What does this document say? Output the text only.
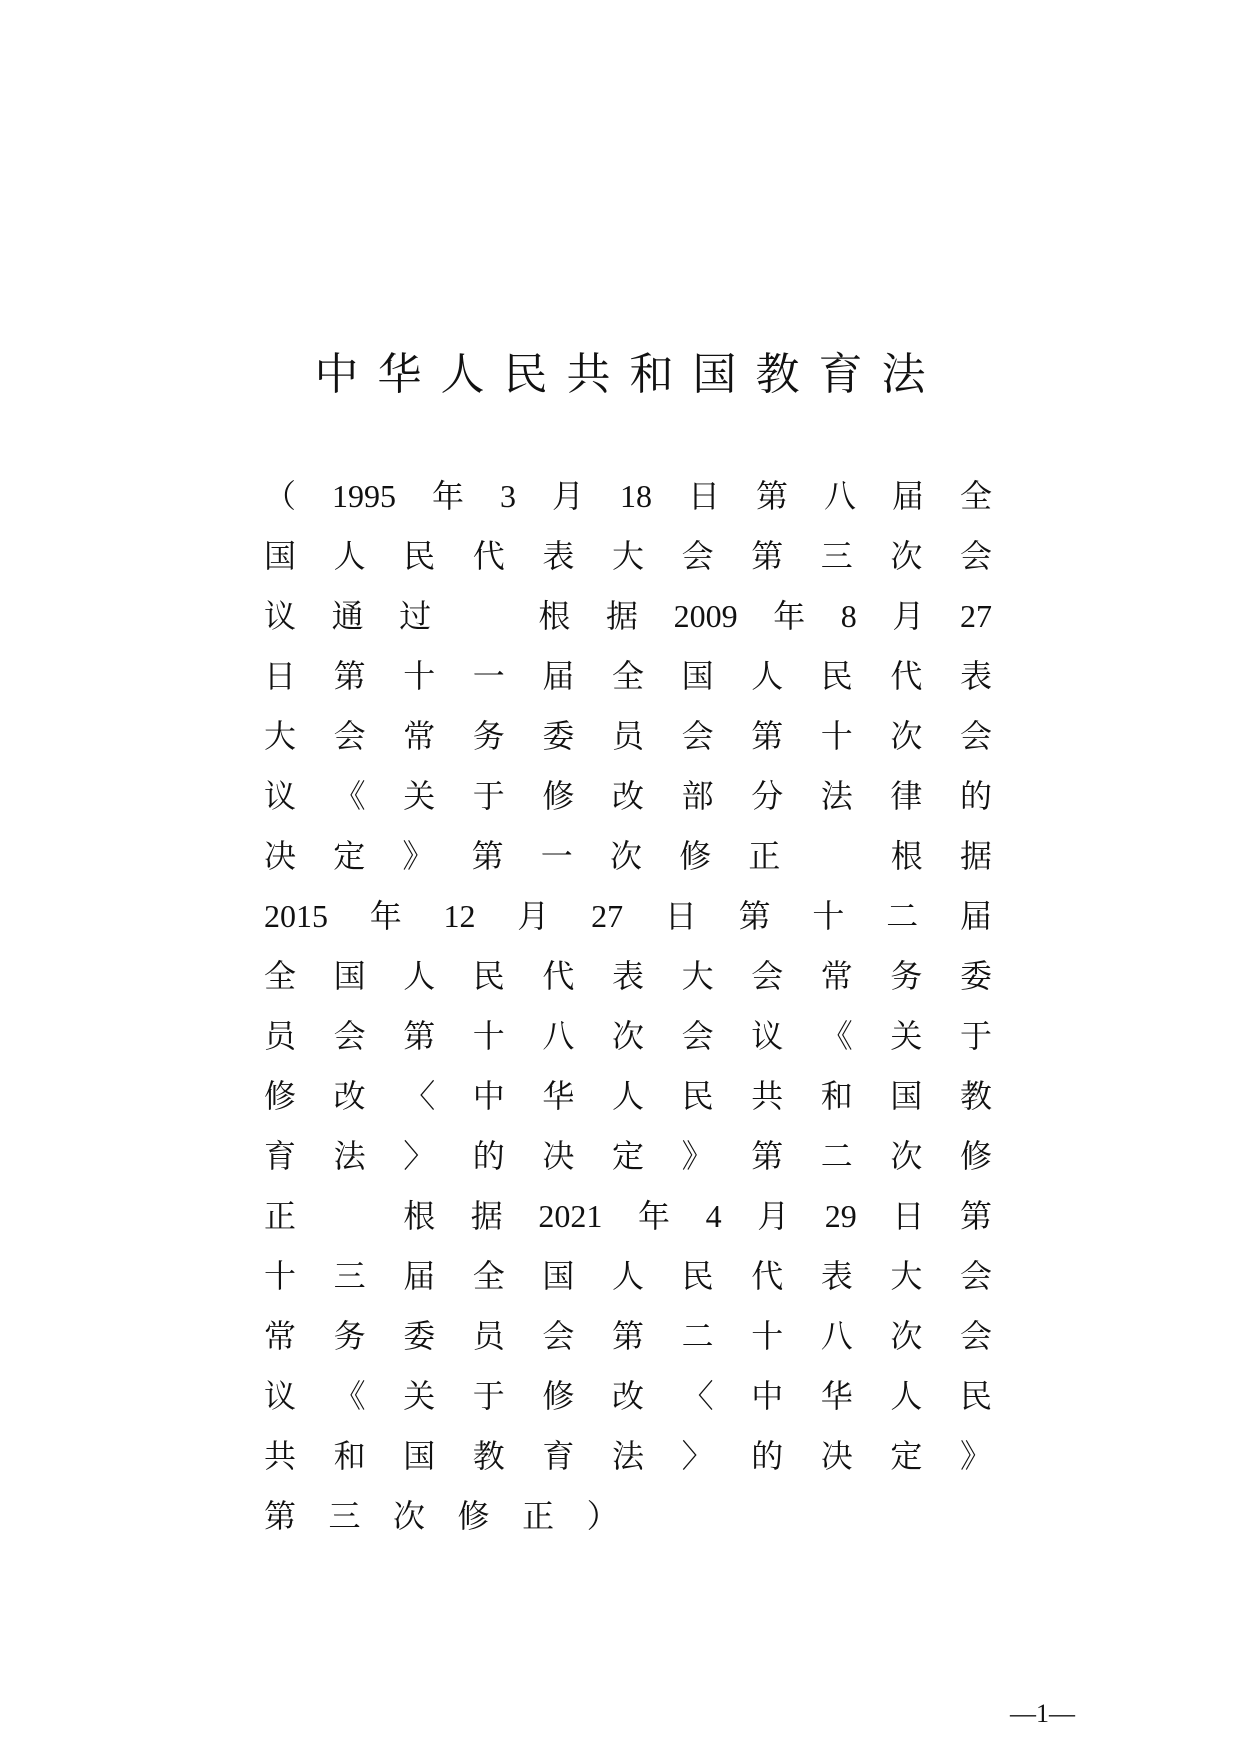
中华人民共和国教育法
（ 1995 年 3 月 18 日 第 八 届 全
国 人 民 代 表 大 会 第 三 次 会
议 通 过	根 据 2009 年 8 月 27
日 第 十 一 届 全 国 人 民 代 表
大 会 常 务 委 员 会 第 十 次 会
议 《 关 于 修 改 部 分 法 律 的
决 定 》 第 一 次 修 正	根 据
2015 年 12 月 27 日 第 十 二 届
全 国 人 民 代 表 大 会 常 务 委
员 会 第 十 八 次 会 议 《 关 于
修 改 〈 中 华 人 民 共 和 国 教
育 法 〉 的 决 定 》 第 二 次 修
正	根 据 2021 年 4 月 29 日 第
十 三 届 全 国 人 民 代 表 大 会
常 务 委 员 会 第 二 十 八 次 会
议 《 关 于 修 改 〈 中 华 人 民
共 和 国 教 育 法 〉 的 决 定 》
第 三 次 修 正 ）
—1—
